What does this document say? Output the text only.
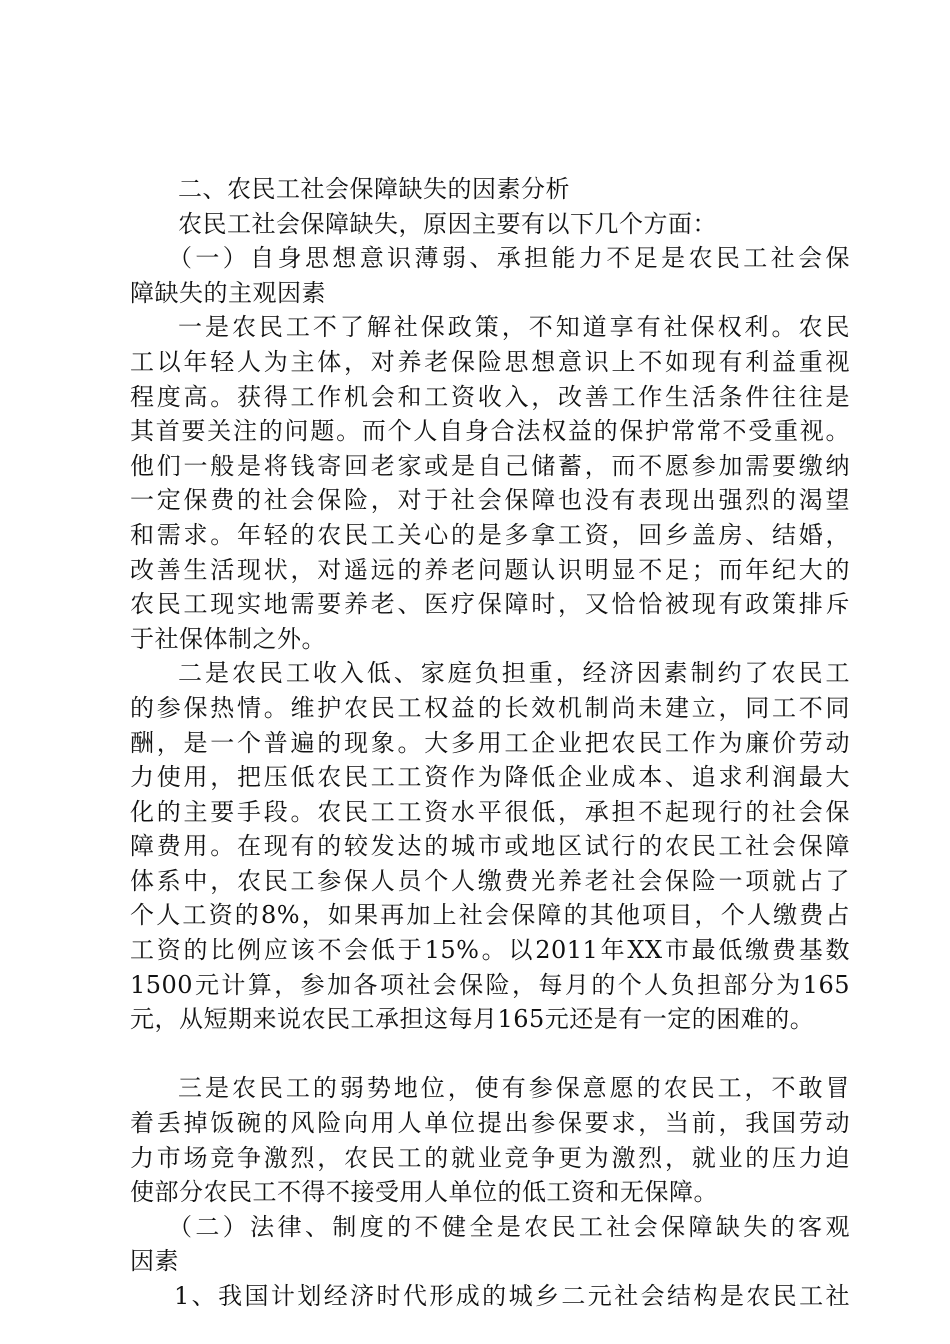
二、农民工社会保障缺失的因素分析
农民工社会保障缺失，原因主要有以下几个方面：
（一）自身思想意识薄弱、承担能力不足是农民工社会保
障缺失的主观因素
一是农民工不了解社保政策，不知道享有社保权利。农民
工以年轻人为主体，对养老保险思想意识上不如现有利益重视
程度高。获得工作机会和工资收入，改善工作生活条件往往是
其首要关注的问题。而个人自身合法权益的保护常常不受重视。
他们一般是将钱寄回老家或是自己储蓄，而不愿参加需要缴纳
一定保费的社会保险，对于社会保障也没有表现出强烈的渴望
和需求。年轻的农民工关心的是多拿工资，回乡盖房、结婚，
改善生活现状，对遥远的养老问题认识明显不足；而年纪大的
农民工现实地需要养老、医疗保障时，又恰恰被现有政策排斥
于社保体制之外。
二是农民工收入低、家庭负担重，经济因素制约了农民工
的参保热情。维护农民工权益的长效机制尚未建立，同工不同
酬，是一个普遍的现象。大多用工企业把农民工作为廉价劳动
力使用，把压低农民工工资作为降低企业成本、追求利润最大
化的主要手段。农民工工资水平很低，承担不起现行的社会保
障费用。在现有的较发达的城市或地区试行的农民工社会保障
体系中，农民工参保人员个人缴费光养老社会保险一项就占了
个人工资的8%，如果再加上社会保障的其他项目，个人缴费占
工资的比例应该不会低于15%。以2011年XX市最低缴费基数
1500元计算，参加各项社会保险，每月的个人负担部分为165
元，从短期来说农民工承担这每月165元还是有一定的困难的。
三是农民工的弱势地位，使有参保意愿的农民工，不敢冒
着丢掉饭碗的风险向用人单位提出参保要求，当前，我国劳动
力市场竞争激烈，农民工的就业竞争更为激烈，就业的压力迫
使部分农民工不得不接受用人单位的低工资和无保障。
（二）法律、制度的不健全是农民工社会保障缺失的客观
因素
1、我国计划经济时代形成的城乡二元社会结构是农民工社
